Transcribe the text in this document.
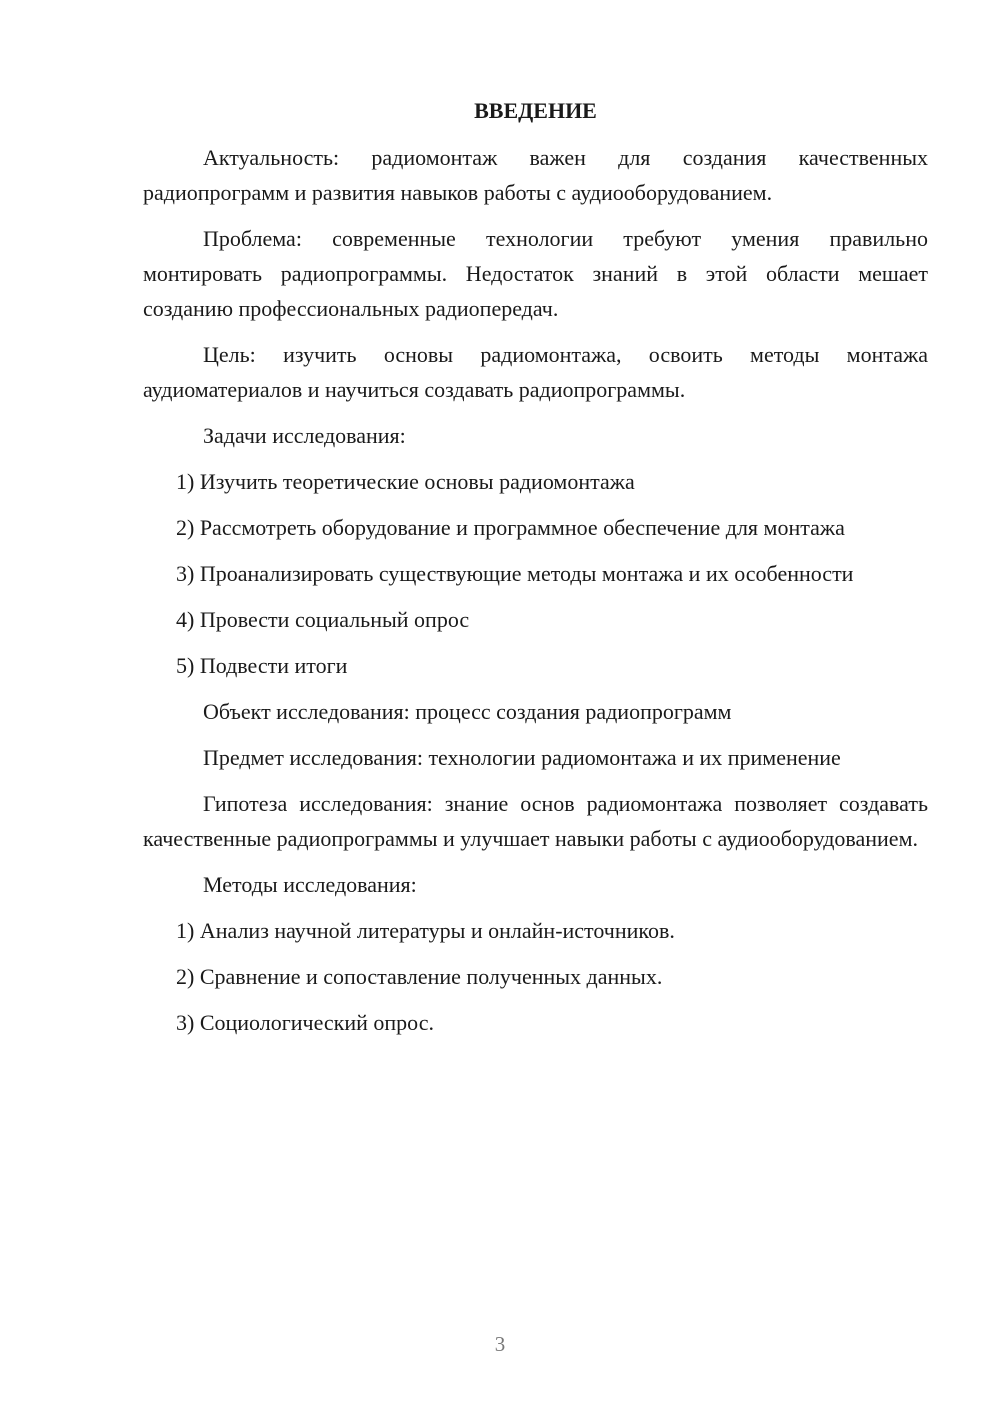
ВВЕДЕНИЕ

Актуальность: радиомонтаж важен для создания качественных радиопрограмм и развития навыков работы с аудиооборудованием.

Проблема: современные технологии требуют умения правильно монтировать радиопрограммы. Недостаток знаний в этой области мешает созданию профессиональных радиопередач.

Цель: изучить основы радиомонтажа, освоить методы монтажа аудиоматериалов и научиться создавать радиопрограммы.

Задачи исследования:

1) Изучить теоретические основы радиомонтажа

2) Рассмотреть оборудование и программное обеспечение для монтажа

3) Проанализировать существующие методы монтажа и их особенности

4) Провести социальный опрос

5) Подвести итоги

Объект исследования: процесс создания радиопрограмм

Предмет исследования: технологии радиомонтажа и их применение

Гипотеза исследования: знание основ радиомонтажа позволяет создавать качественные радиопрограммы и улучшает навыки работы с аудиооборудованием.

Методы исследования:

1) Анализ научной литературы и онлайн-источников.

2) Сравнение и сопоставление полученных данных.

3) Социологический опрос.

3
